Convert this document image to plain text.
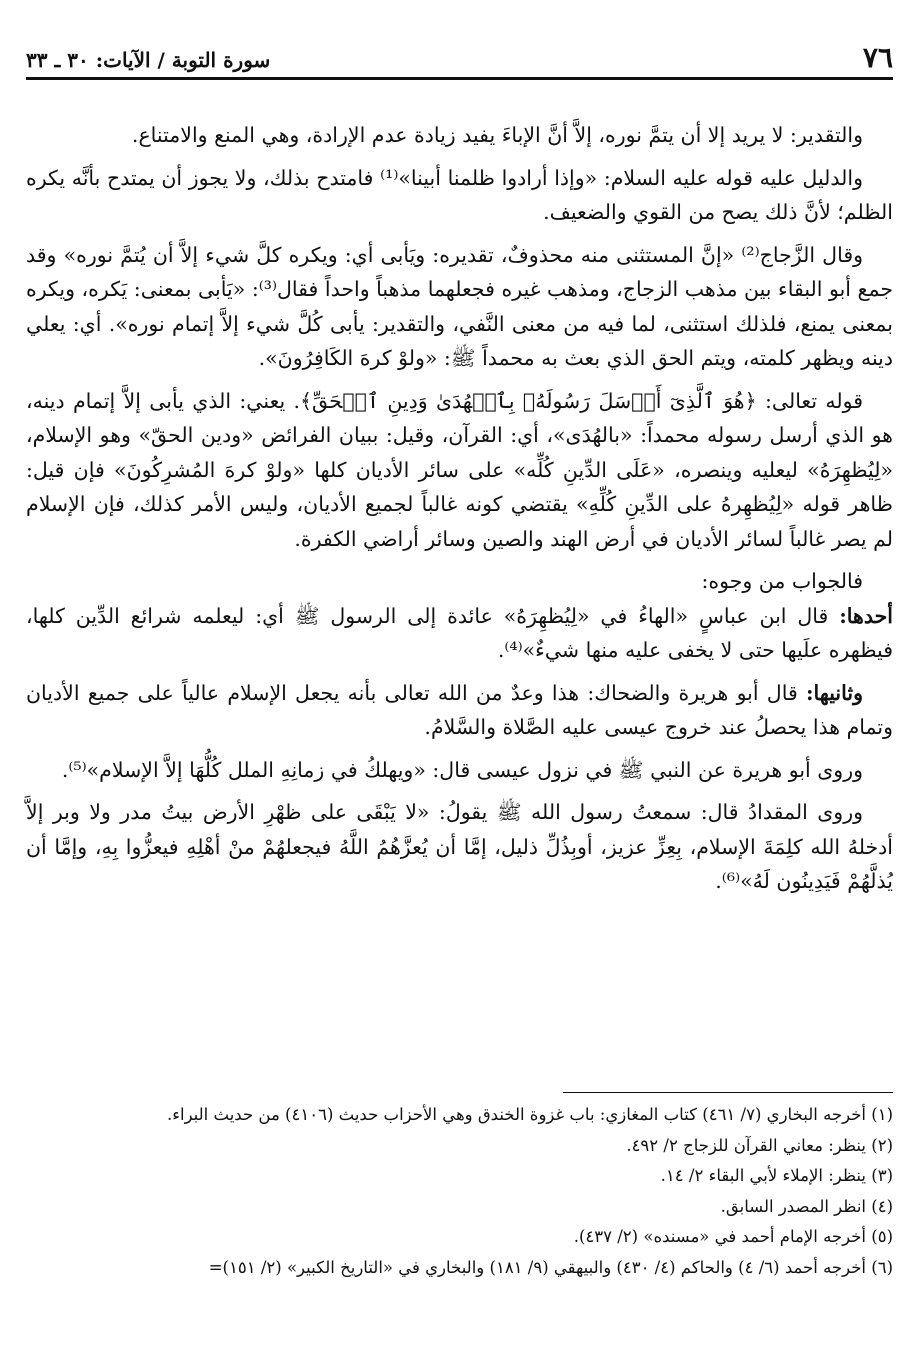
٧٦
سورة التوبة / الآيات: ٣٠ ـ ٣٣

والتقدير: لا يريد إلا أن يتمَّ نوره، إلاَّ أنَّ الإباءَ يفيد زيادة عدم الإرادة، وهي المنع والامتناع.

والدليل عليه قوله عليه السلام: «وإذا أرادوا ظلمنا أبينا»⁽¹⁾ فامتدح بذلك، ولا يجوز أن يمتدح بأنَّه يكره الظلم؛ لأنَّ ذلك يصح من القوي والضعيف.

وقال الزَّجاج⁽²⁾ «إنَّ المستثنى منه محذوفٌ، تقديره: ويَأبى أي: ويكره كلَّ شيء إلاَّ أن يُتمَّ نوره» وقد جمع أبو البقاء بين مذهب الزجاج، ومذهب غيره فجعلهما مذهباً واحداً فقال⁽³⁾: «يَأبى بمعنى: يَكره، ويكره بمعنى يمنع، فلذلك استثنى، لما فيه من معنى النَّفي، والتقدير: يأبى كُلَّ شيء إلاَّ إتمام نوره». أي: يعلي دينه ويظهر كلمته، ويتم الحق الذي بعث به محمداً ﷺ: «ولوْ كرهَ الكَافِرُونَ».

قوله تعالى: ﴿هُوَ ٱلَّذِىٓ أَرۡسَلَ رَسُولَهُۥ بِٱلۡهُدَىٰ وَدِينِ ٱلۡحَقِّ﴾. يعني: الذي يأبى إلاَّ إتمام دينه، هو الذي أرسل رسوله محمداً: «بالهُدَى»، أي: القرآن، وقيل: ببيان الفرائض «ودين الحقّ» وهو الإسلام، «لِيُظهِرَهُ» ليعليه وينصره، «عَلَى الدِّينِ كُلِّه» على سائر الأديان كلها «ولوْ كرهَ المُشرِكُونَ» فإن قيل: ظاهر قوله «لِيُظهِرهُ على الدِّينِ كُلِّهِ» يقتضي كونه غالباً لجميع الأديان، وليس الأمر كذلك، فإن الإسلام لم يصر غالباً لسائر الأديان في أرض الهند والصين وسائر أراضي الكفرة.

فالجواب من وجوه:

أحدها: قال ابن عباسٍ «الهاءُ في «لِيُظهِرَهُ» عائدة إلى الرسول ﷺ أي: ليعلمه شرائع الدِّين كلها، فيظهره علَيها حتى لا يخفى عليه منها شيءٌ»⁽⁴⁾.

وثانيها: قال أبو هريرة والضحاك: هذا وعدٌ من الله تعالى بأنه يجعل الإسلام عالياً على جميع الأديان وتمام هذا يحصلُ عند خروج عيسى عليه الصَّلاة والسَّلامُ.

وروى أبو هريرة عن النبي ﷺ في نزول عيسى قال: «ويهلكُ في زمانِهِ الملل كُلُّهَا إلاَّ الإسلام»⁽⁵⁾.

وروى المقدادُ قال: سمعتُ رسول الله ﷺ يقولُ: «لا يَبْقَى على ظهْرِ الأرض بيتُ مدر ولا وبر إلاَّ أدخلهُ الله كلِمَةَ الإسلام، بِعِزِّ عزيز، أوبِذُلِّ ذليل، إمَّا أن يُعزَّهُمُ اللَّهُ فيجعلهُمْ منْ أهْلِهِ فيعزُّوا بِهِ، وإمَّا أن يُذلَّهُمْ فَيَدِينُون لَهُ»⁽⁶⁾.

(١) أخرجه البخاري (٧/ ٤٦١) كتاب المغازي: باب غزوة الخندق وهي الأحزاب حديث (٤١٠٦) من حديث البراء.
(٢) ينظر: معاني القرآن للزجاج ٢/ ٤٩٢.
(٣) ينظر: الإملاء لأبي البقاء ٢/ ١٤.
(٤) انظر المصدر السابق.
(٥) أخرجه الإمام أحمد في «مسنده» (٢/ ٤٣٧).
(٦) أخرجه أحمد (٦/ ٤) والحاكم (٤/ ٤٣٠) والبيهقي (٩/ ١٨١) والبخاري في «التاريخ الكبير» (٢/ ١٥١)=
